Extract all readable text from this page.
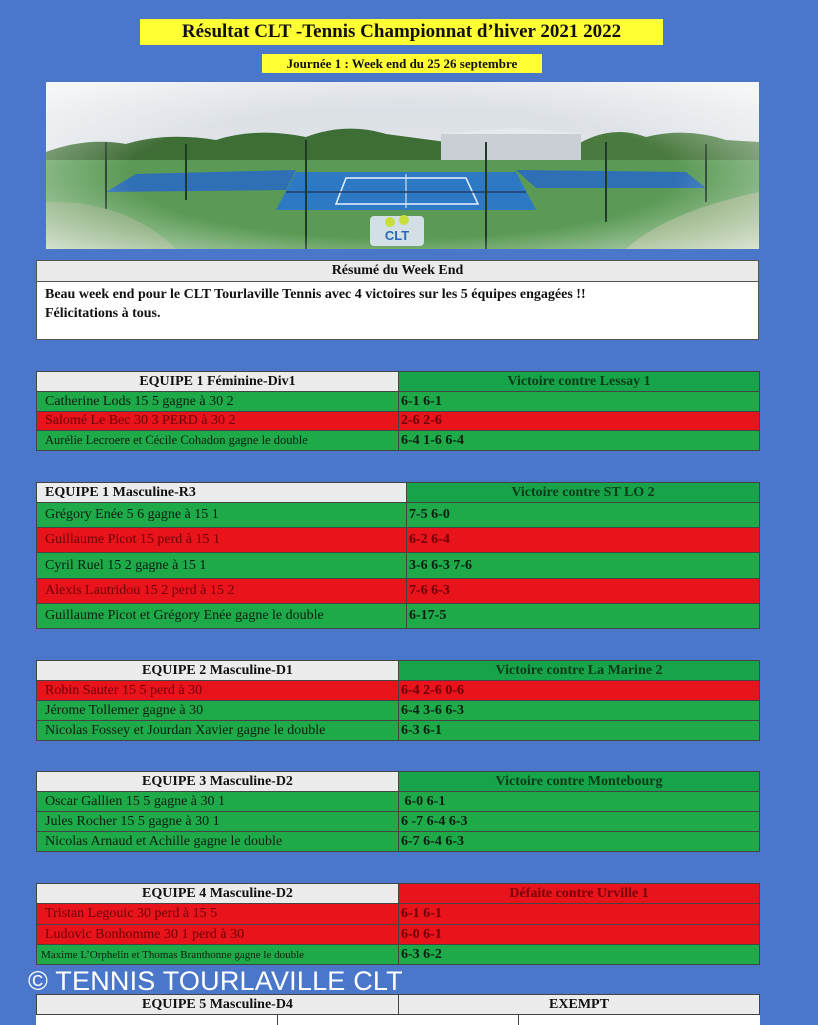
Résultat CLT -Tennis Championnat d’hiver 2021 2022
Journée 1 : Week end du 25 26 septembre
CLT
Résumé du Week End
Beau week end pour le CLT Tourlaville Tennis avec 4 victoires sur les 5 équipes engagées !!
Félicitations à tous.
EQUIPE 1 Féminine-Div1	Victoire contre Lessay 1
Catherine Lods 15 5 gagne à 30 2	6-1 6-1
Salomé Le Bec 30 3 PERD à 30 2	2-6 2-6
Aurélie Lecroere et Cécile Cohadon gagne le double	6-4 1-6 6-4
EQUIPE 1 Masculine-R3	Victoire contre ST LO 2
Grégory Enée 5 6 gagne à 15 1	7-5 6-0
Guillaume Picot 15 perd à 15 1	6-2 6-4
Cyril Ruel 15 2 gagne à 15 1	3-6 6-3 7-6
Alexis Lautridou 15 2 perd à 15 2	7-6 6-3
Guillaume Picot et Grégory Enée gagne le double	6-17-5
EQUIPE 2 Masculine-D1	Victoire contre La Marine 2
Robin Sauter 15 5 perd à 30	6-4 2-6 0-6
Jérome Tollemer gagne à 30	6-4 3-6 6-3
Nicolas Fossey et Jourdan Xavier gagne le double	6-3 6-1
EQUIPE 3 Masculine-D2	Victoire contre Montebourg
Oscar Gallien 15 5 gagne à 30 1	6-0 6-1
Jules Rocher 15 5 gagne à 30 1	6 -7 6-4 6-3
Nicolas Arnaud et Achille gagne le double	6-7 6-4 6-3
EQUIPE 4 Masculine-D2	Défaite contre Urville 1
Tristan Legouic 30 perd à 15 5	6-1 6-1
Ludovic Bonhomme 30 1 perd à 30	6-0 6-1
Maxime L’Orphelin et Thomas Branthonne gagne le double	6-3 6-2
EQUIPE 5 Masculine-D4	EXEMPT
© TENNIS TOURLAVILLE CLT
